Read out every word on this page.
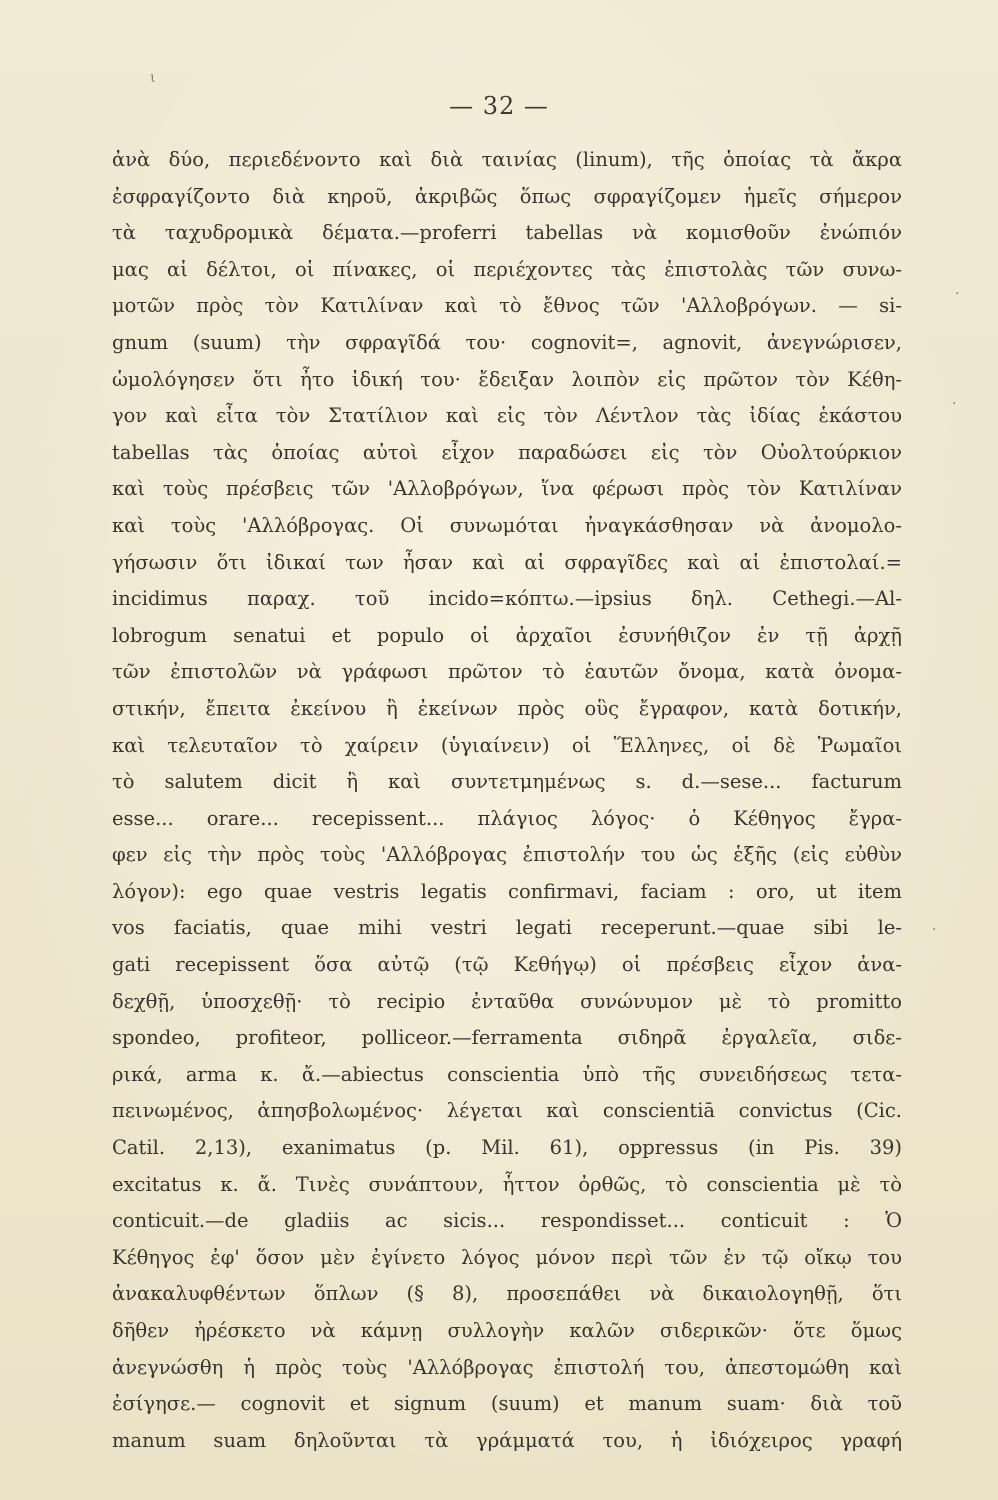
— 32 —
ι
·
·
·
ἀνὰ δύο, περιεδένοντο καὶ διὰ ταινίας (linum), τῆς ὁποίας τὰ ἄκρα
ἐσφραγίζοντο διὰ κηροῦ, ἀκριβῶς ὅπως σφραγίζομεν ἡμεῖς σήμερον
τὰ ταχυδρομικὰ δέματα.—proferri tabellas νὰ κομισθοῦν ἐνώπιόν
μας αἱ δέλτοι, οἱ πίνακες, οἱ περιέχοντες τὰς ἐπιστολὰς τῶν συνω-
μοτῶν πρὸς τὸν Κατιλίναν καὶ τὸ ἔθνος τῶν 'Αλλοβρόγων. — si-
gnum (suum) τὴν σφραγῖδά του· cognovit=, agnovit, ἀνεγνώρισεν,
ὡμολόγησεν ὅτι ἦτο ἰδική του· ἔδειξαν λοιπὸν εἰς πρῶτον τὸν Κέθη-
γον καὶ εἶτα τὸν Στατίλιον καὶ εἰς τὸν Λέντλον τὰς ἰδίας ἑκάστου
tabellas τὰς ὁποίας αὐτοὶ εἶχον παραδώσει εἰς τὸν Οὐολτούρκιον
καὶ τοὺς πρέσβεις τῶν 'Αλλοβρόγων, ἵνα φέρωσι πρὸς τὸν Κατιλίναν
καὶ τοὺς 'Αλλόβρογας. Οἱ συνωμόται ἠναγκάσθησαν νὰ ἀνομολο-
γήσωσιν ὅτι ἰδικαί των ἦσαν καὶ αἱ σφραγῖδες καὶ αἱ ἐπιστολαί.=
incidimus παραχ. τοῦ incido=κόπτω.—ipsius δηλ. Cethegi.—Al-
lobrogum senatui et populo οἱ ἀρχαῖοι ἐσυνήθιζον ἐν τῇ ἀρχῇ
τῶν ἐπιστολῶν νὰ γράφωσι πρῶτον τὸ ἑαυτῶν ὄνομα, κατὰ ὀνομα-
στικήν, ἔπειτα ἐκείνου ἢ ἐκείνων πρὸς οὓς ἔγραφον, κατὰ δοτικήν,
καὶ τελευταῖον τὸ χαίρειν (ὑγιαίνειν) οἱ Ἕλληνες, οἱ δὲ Ῥωμαῖοι
τὸ salutem dicit ἢ καὶ συντετμημένως s. d.—sese... facturum
esse... orare... recepissent... πλάγιος λόγος· ὁ Κέθηγος ἔγρα-
φεν εἰς τὴν πρὸς τοὺς 'Αλλόβρογας ἐπιστολήν του ὡς ἑξῆς (εἰς εὐθὺν
λόγον): ego quae vestris legatis confirmavi, faciam : oro, ut item
vos faciatis, quae mihi vestri legati receperunt.—quae sibi le-
gati recepissent ὅσα αὐτῷ (τῷ Κεθήγῳ) οἱ πρέσβεις εἶχον ἀνα-
δεχθῇ, ὑποσχεθῇ· τὸ recipio ἐνταῦθα συνώνυμον μὲ τὸ promitto
spondeo, profiteor, polliceor.—ferramenta σιδηρᾶ ἐργαλεῖα, σιδε-
ρικά, arma κ. ἄ.—abiectus conscientia ὑπὸ τῆς συνειδήσεως τετα-
πεινωμένος, ἀπησβολωμένος· λέγεται καὶ conscientiā convictus (Cic.
Catil. 2,13), exanimatus (p. Mil. 61), oppressus (in Pis. 39)
excitatus κ. ἄ. Τινὲς συνάπτουν, ἧττον ὀρθῶς, τὸ conscientia μὲ τὸ
conticuit.—de gladiis ac sicis... respondisset... conticuit : Ὁ
Κέθηγος ἐφ' ὅσον μὲν ἐγίνετο λόγος μόνον περὶ τῶν ἐν τῷ οἴκῳ του
ἀνακαλυφθέντων ὅπλων (§ 8), προσεπάθει νὰ δικαιολογηθῇ, ὅτι
δῆθεν ἠρέσκετο νὰ κάμνῃ συλλογὴν καλῶν σιδερικῶν· ὅτε ὅμως
ἀνεγνώσθη ἡ πρὸς τοὺς 'Αλλόβρογας ἐπιστολή του, ἀπεστομώθη καὶ
ἐσίγησε.— cognovit et signum (suum) et manum suam· διὰ τοῦ
manum suam δηλοῦνται τὰ γράμματά του, ἡ ἰδιόχειρος γραφή
